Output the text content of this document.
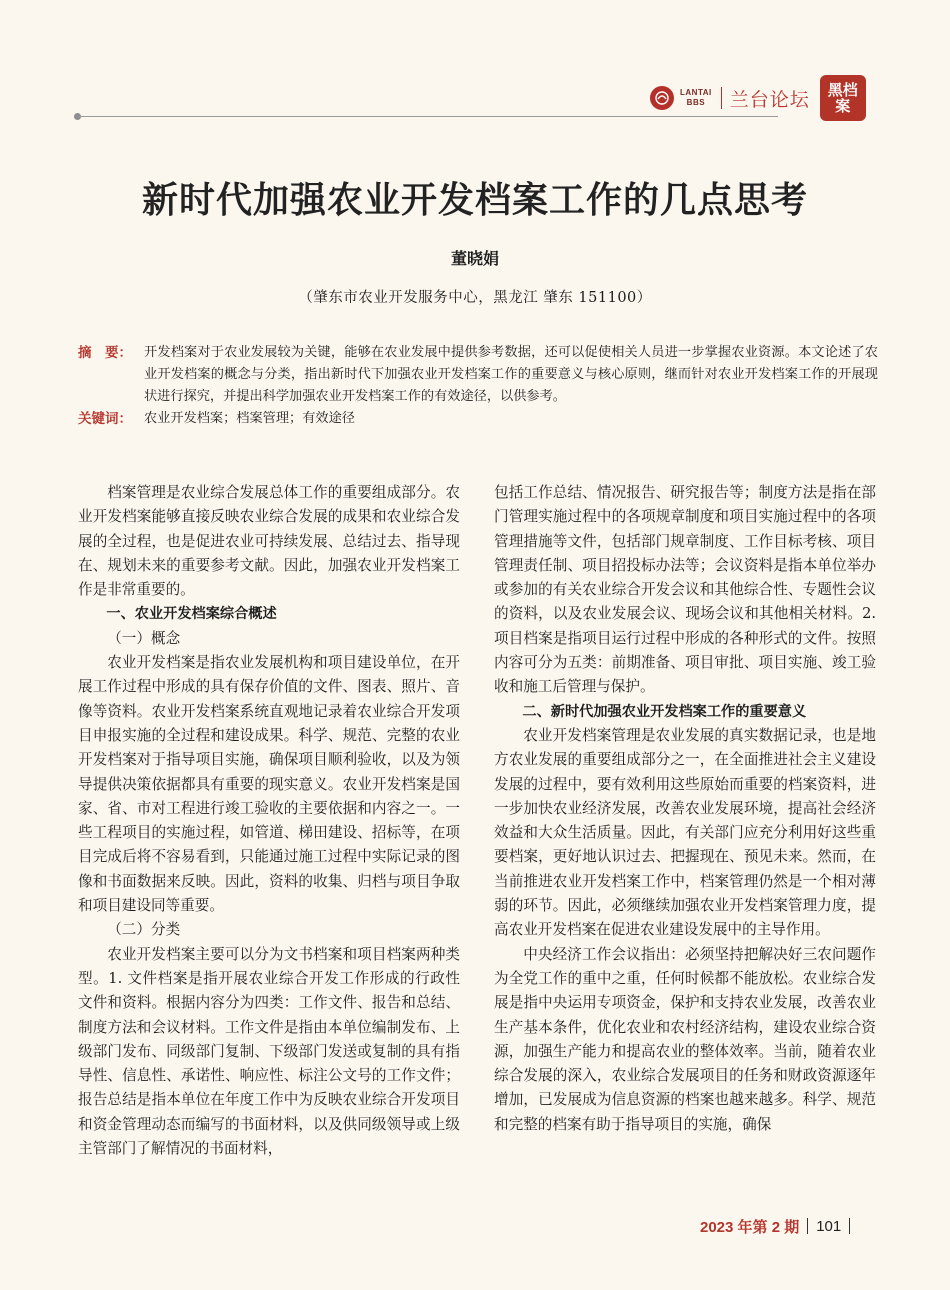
LANTAI
BBS	兰台论坛 黑档案
新时代加强农业开发档案工作的几点思考
董晓娟
（肇东市农业开发服务中心，黑龙江 肇东 151100）
摘　要： 开发档案对于农业发展较为关键，能够在农业发展中提供参考数据，还可以促使相关人员进一步掌握农业资源。本文论述了农业开发档案的概念与分类，指出新时代下加强农业开发档案工作的重要意义与核心原则，继而针对农业开发档案工作的开展现状进行探究，并提出科学加强农业开发档案工作的有效途径，以供参考。
关键词： 农业开发档案；档案管理；有效途径

档案管理是农业综合发展总体工作的重要组成部分。农业开发档案能够直接反映农业综合发展的成果和农业综合发展的全过程，也是促进农业可持续发展、总结过去、指导现在、规划未来的重要参考文献。因此，加强农业开发档案工作是非常重要的。

一、农业开发档案综合概述

（一）概念

农业开发档案是指农业发展机构和项目建设单位，在开展工作过程中形成的具有保存价值的文件、图表、照片、音像等资料。农业开发档案系统直观地记录着农业综合开发项目申报实施的全过程和建设成果。科学、规范、完整的农业开发档案对于指导项目实施，确保项目顺利验收，以及为领导提供决策依据都具有重要的现实意义。农业开发档案是国家、省、市对工程进行竣工验收的主要依据和内容之一。一些工程项目的实施过程，如管道、梯田建设、招标等，在项目完成后将不容易看到，只能通过施工过程中实际记录的图像和书面数据来反映。因此，资料的收集、归档与项目争取和项目建设同等重要。

（二）分类

农业开发档案主要可以分为文书档案和项目档案两种类型。1. 文件档案是指开展农业综合开发工作形成的行政性文件和资料。根据内容分为四类：工作文件、报告和总结、制度方法和会议材料。工作文件是指由本单位编制发布、上级部门发布、同级部门复制、下级部门发送或复制的具有指导性、信息性、承诺性、响应性、标注公文号的工作文件；报告总结是指本单位在年度工作中为反映农业综合开发项目和资金管理动态而编写的书面材料，以及供同级领导或上级主管部门了解情况的书面材料，

包括工作总结、情况报告、研究报告等；制度方法是指在部门管理实施过程中的各项规章制度和项目实施过程中的各项管理措施等文件，包括部门规章制度、工作目标考核、项目管理责任制、项目招投标办法等；会议资料是指本单位举办或参加的有关农业综合开发会议和其他综合性、专题性会议的资料，以及农业发展会议、现场会议和其他相关材料。2. 项目档案是指项目运行过程中形成的各种形式的文件。按照内容可分为五类：前期准备、项目审批、项目实施、竣工验收和施工后管理与保护。

二、新时代加强农业开发档案工作的重要意义

农业开发档案管理是农业发展的真实数据记录，也是地方农业发展的重要组成部分之一，在全面推进社会主义建设发展的过程中，要有效利用这些原始而重要的档案资料，进一步加快农业经济发展，改善农业发展环境，提高社会经济效益和大众生活质量。因此，有关部门应充分利用好这些重要档案，更好地认识过去、把握现在、预见未来。然而，在当前推进农业开发档案工作中，档案管理仍然是一个相对薄弱的环节。因此，必须继续加强农业开发档案管理力度，提高农业开发档案在促进农业建设发展中的主导作用。

中央经济工作会议指出：必须坚持把解决好三农问题作为全党工作的重中之重，任何时候都不能放松。农业综合发展是指中央运用专项资金，保护和支持农业发展，改善农业生产基本条件，优化农业和农村经济结构，建设农业综合资源，加强生产能力和提高农业的整体效率。当前，随着农业综合发展的深入，农业综合发展项目的任务和财政资源逐年增加，已发展成为信息资源的档案也越来越多。科学、规范和完整的档案有助于指导项目的实施，确保

2023 年第 2 期 101
